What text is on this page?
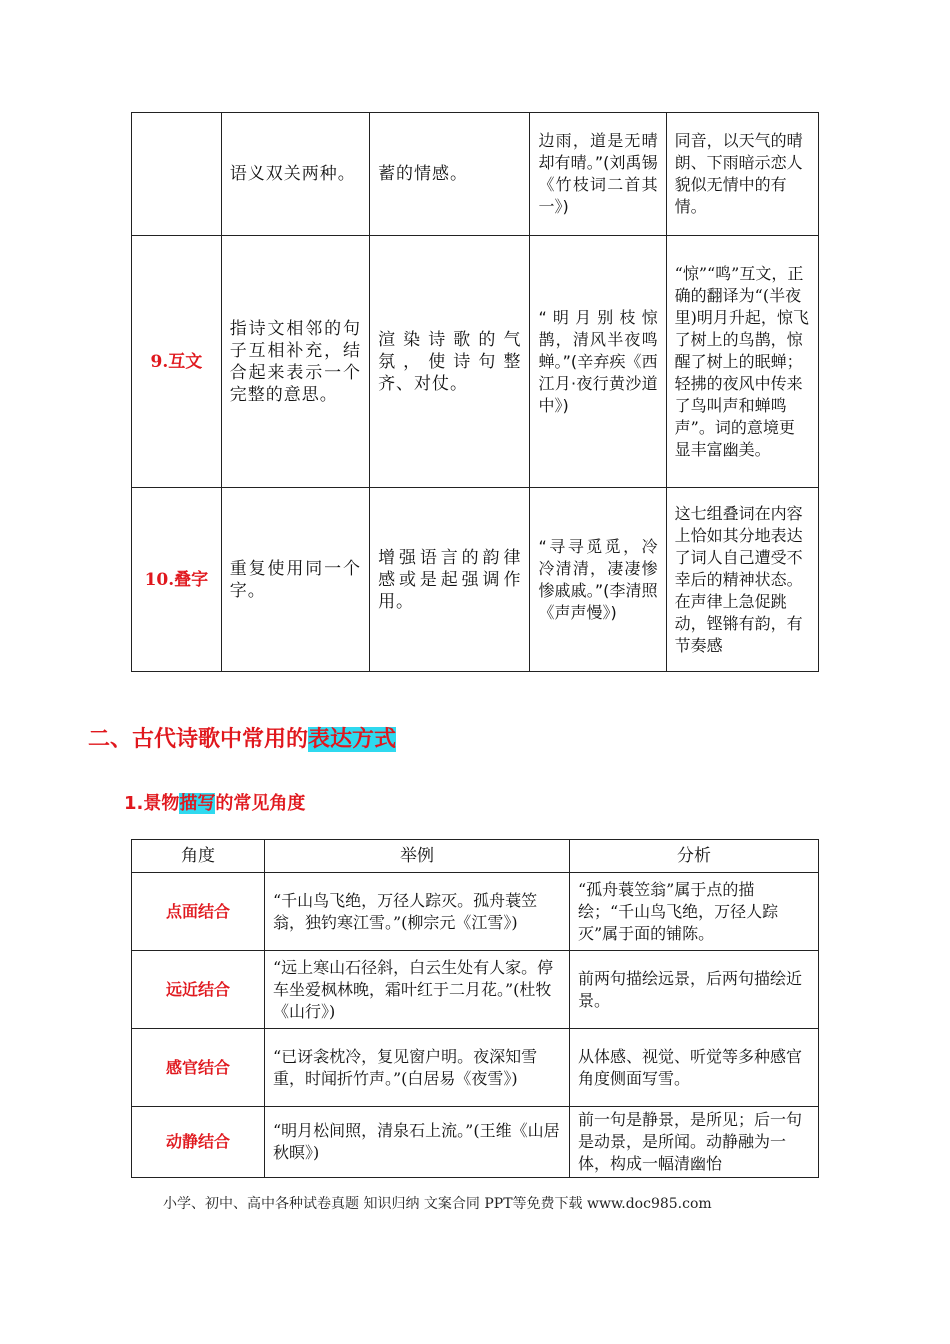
	语义双关两种。	蓄的情感。	边雨，道是无晴却有晴。”(刘禹锡《竹枝词二首其一》)	同音，以天气的晴朗、下雨暗示恋人貌似无情中的有情。
9.互文	指诗文相邻的句子互相补充，结合起来表示一个完整的意思。	渲染诗歌的气氛，使诗句整齐、对仗。	“明月别枝惊鹊，清风半夜鸣蝉。”(辛弃疾《西江月·夜行黄沙道中》)	“惊”“鸣”互文，正确的翻译为“(半夜里)明月升起，惊飞了树上的鸟鹊，惊醒了树上的眠蝉；轻拂的夜风中传来了鸟叫声和蝉鸣声”。词的意境更显丰富幽美。
10.叠字	重复使用同一个字。	增强语言的韵律感或是起强调作用。	“寻寻觅觅，冷冷清清，凄凄惨惨戚戚。”(李清照《声声慢》)	这七组叠词在内容上恰如其分地表达了词人自己遭受不幸后的精神状态。在声律上急促跳动，铿锵有韵，有节奏感
二、古代诗歌中常用的表达方式
1.景物描写的常见角度
角度	举例	分析
点面结合	“千山鸟飞绝，万径人踪灭。孤舟蓑笠翁，独钓寒江雪。”(柳宗元《江雪》)	“孤舟蓑笠翁”属于点的描绘；“千山鸟飞绝，万径人踪灭”属于面的铺陈。
远近结合	“远上寒山石径斜，白云生处有人家。停车坐爱枫林晚，霜叶红于二月花。”(杜牧《山行》)	前两句描绘远景，后两句描绘近景。
感官结合	“已讶衾枕冷，复见窗户明。夜深知雪重，时闻折竹声。”(白居易《夜雪》)	从体感、视觉、听觉等多种感官角度侧面写雪。
动静结合	“明月松间照，清泉石上流。”(王维《山居秋暝》)	前一句是静景，是所见；后一句是动景，是所闻。动静融为一体，构成一幅清幽怡
小学、初中、高中各种试卷真题 知识归纳 文案合同 PPT等免费下载 www.doc985.com
